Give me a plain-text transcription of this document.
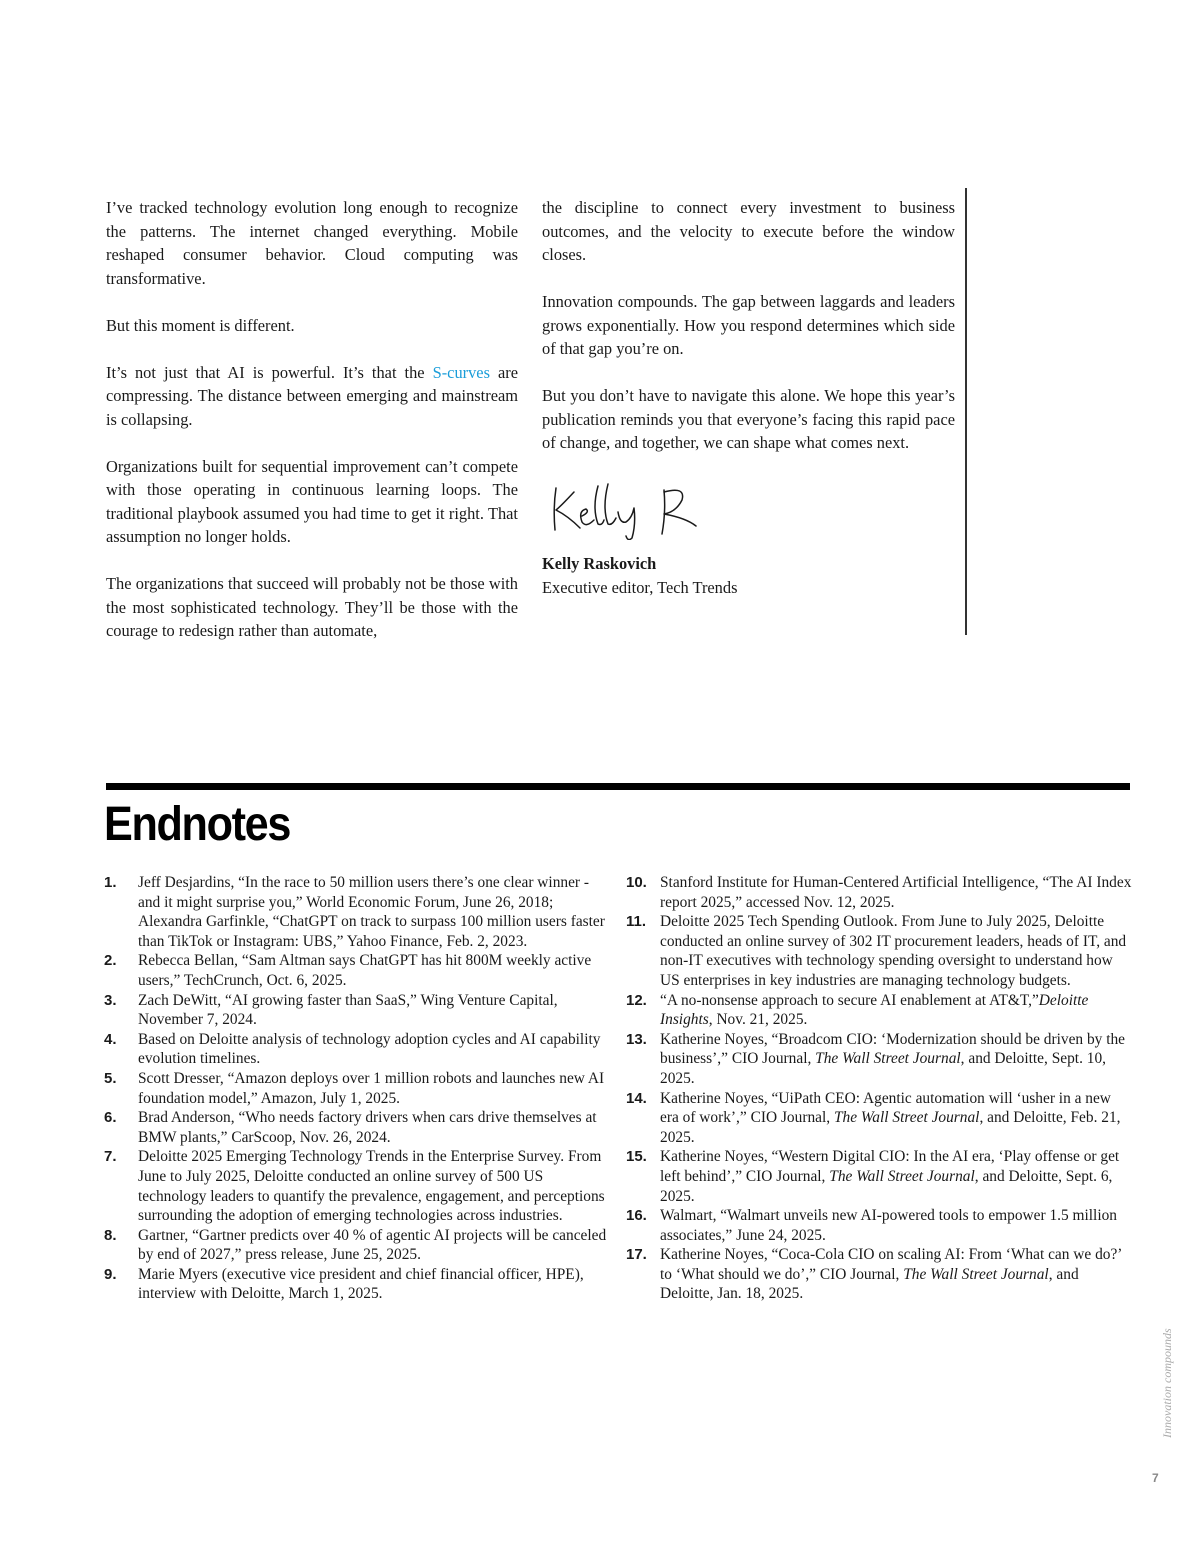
I’ve tracked technology evolution long enough to recognize the patterns. The internet changed everything. Mobile reshaped consumer behavior. Cloud computing was transformative.

But this moment is different.

It’s not just that AI is powerful. It’s that the S-curves are compressing. The distance between emerging and mainstream is collapsing.

Organizations built for sequential improvement can’t compete with those operating in continuous learning loops. The traditional playbook assumed you had time to get it right. That assumption no longer holds.

The organizations that succeed will probably not be those with the most sophisticated technology. They’ll be those with the courage to redesign rather than automate,

the discipline to connect every investment to business outcomes, and the velocity to execute before the window closes.

Innovation compounds. The gap between laggards and leaders grows exponentially. How you respond determines which side of that gap you’re on.

But you don’t have to navigate this alone. We hope this year’s publication reminds you that everyone’s facing this rapid pace of change, and together, we can shape what comes next.

Kelly Raskovich
Executive editor, Tech Trends
Endnotes
1.	Jeff Desjardins, “In the race to 50 million users there’s one clear winner - and it might surprise you,” World Economic Forum, June 26, 2018; Alexandra Garfinkle, “ChatGPT on track to surpass 100 million users faster than TikTok or Instagram: UBS,” Yahoo Finance, Feb. 2, 2023.
2.	Rebecca Bellan, “Sam Altman says ChatGPT has hit 800M weekly active users,” TechCrunch, Oct. 6, 2025.
3.	Zach DeWitt, “AI growing faster than SaaS,” Wing Venture Capital, November 7, 2024.
4.	Based on Deloitte analysis of technology adoption cycles and AI capability evolution timelines.
5.	Scott Dresser, “Amazon deploys over 1 million robots and launches new AI foundation model,” Amazon, July 1, 2025.
6.	Brad Anderson, “Who needs factory drivers when cars drive themselves at BMW plants,” CarScoop, Nov. 26, 2024.
7.	Deloitte 2025 Emerging Technology Trends in the Enterprise Survey. From June to July 2025, Deloitte conducted an online survey of 500 US technology leaders to quantify the prevalence, engagement, and perceptions surrounding the adoption of emerging technologies across industries.
8.	Gartner, “Gartner predicts over 40 % of agentic AI projects will be canceled by end of 2027,” press release, June 25, 2025.
9.	Marie Myers (executive vice president and chief financial officer, HPE), interview with Deloitte, March 1, 2025.
10. Stanford Institute for Human-Centered Artificial Intelligence, “The AI Index report 2025,” accessed Nov. 12, 2025.
11. Deloitte 2025 Tech Spending Outlook. From June to July 2025, Deloitte conducted an online survey of 302 IT procurement leaders, heads of IT, and non-IT executives with technology spending oversight to understand how US enterprises in key industries are managing technology budgets.
12. “A no-nonsense approach to secure AI enablement at AT&T,”Deloitte Insights, Nov. 21, 2025.
13. Katherine Noyes, “Broadcom CIO: ‘Modernization should be driven by the business’,” CIO Journal, The Wall Street Journal, and Deloitte, Sept. 10, 2025.
14. Katherine Noyes, “UiPath CEO: Agentic automation will ‘usher in a new era of work’,” CIO Journal, The Wall Street Journal, and Deloitte, Feb. 21, 2025.
15. Katherine Noyes, “Western Digital CIO: In the AI era, ‘Play offense or get left behind’,” CIO Journal, The Wall Street Journal, and Deloitte, Sept. 6, 2025.
16. Walmart, “Walmart unveils new AI-powered tools to empower 1.5 million associates,” June 24, 2025.
17. Katherine Noyes, “Coca-Cola CIO on scaling AI: From ‘What can we do?’ to ‘What should we do’,” CIO Journal, The Wall Street Journal, and Deloitte, Jan. 18, 2025.
Innovation compounds
7
